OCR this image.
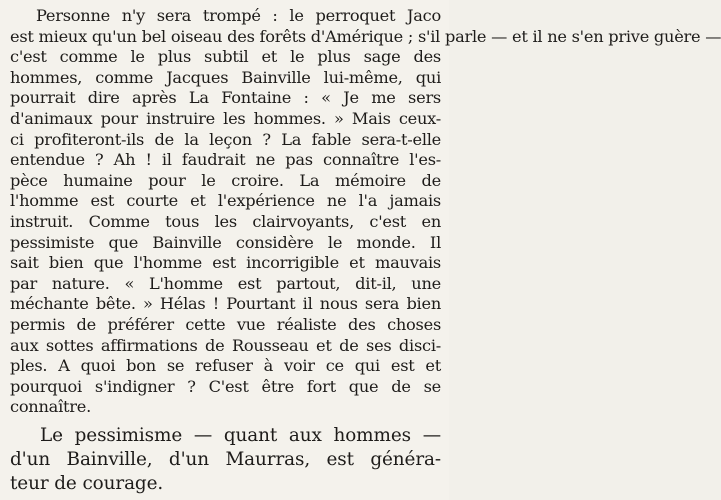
Personne n'y sera trompé : le perroquet Jaco
est mieux qu'un bel oiseau des forêts d'Amérique ; s'il parle — et il ne s'en prive guère —
c'est comme le plus subtil et le plus sage des
hommes, comme Jacques Bainville lui-même, qui
pourrait dire après La Fontaine : « Je me sers
d'animaux pour instruire les hommes. » Mais ceux-
ci profiteront-ils de la leçon ? La fable sera-t-elle
entendue ? Ah ! il faudrait ne pas connaître l'es-
pèce humaine pour le croire. La mémoire de
l'homme est courte et l'expérience ne l'a jamais
instruit. Comme tous les clairvoyants, c'est en
pessimiste que Bainville considère le monde. Il
sait bien que l'homme est incorrigible et mauvais
par nature. « L'homme est partout, dit-il, une
méchante bête. » Hélas ! Pourtant il nous sera bien
permis de préférer cette vue réaliste des choses
aux sottes affirmations de Rousseau et de ses disci-
ples. A quoi bon se refuser à voir ce qui est et
pourquoi s'indigner ? C'est être fort que de se
connaître.
Le pessimisme — quant aux hommes —
d'un Bainville, d'un Maurras, est généra-
teur de courage.
